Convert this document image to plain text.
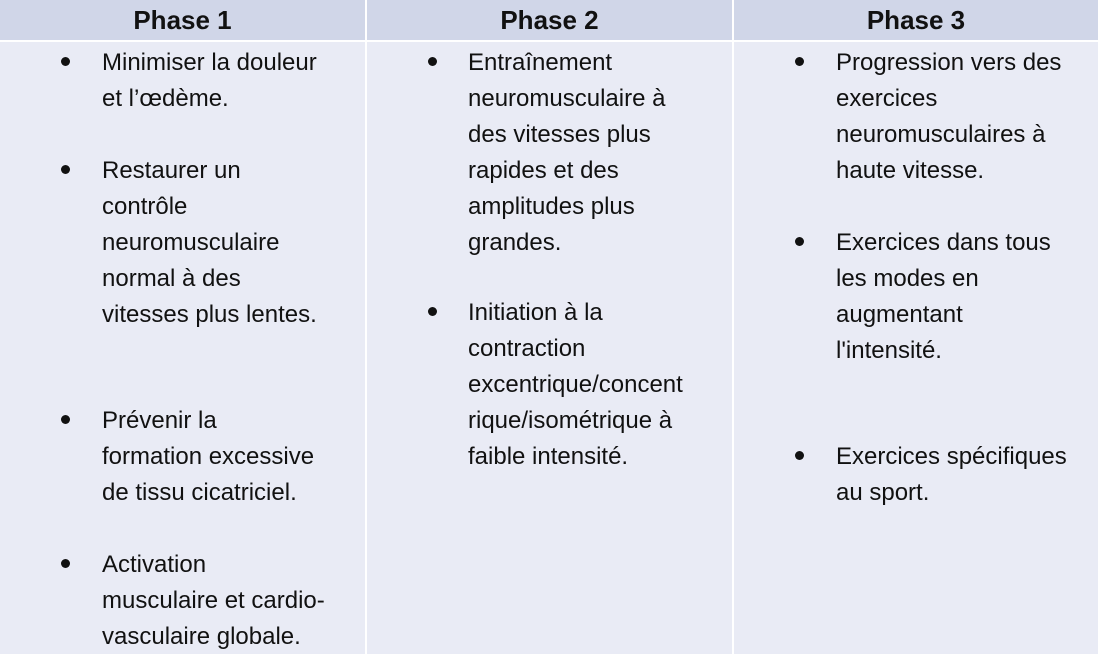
Phase 1
Minimiser la douleur
et l’œdème.
Restaurer un
contrôle
neuromusculaire
normal à des
vitesses plus lentes.
Prévenir la
formation excessive
de tissu cicatriciel.
Activation
musculaire et cardio-
vasculaire globale.
Phase 2
Entraînement
neuromusculaire à
des vitesses plus
rapides et des
amplitudes plus
grandes.
Initiation à la
contraction
excentrique/concent
rique/isométrique à
faible intensité.
Phase 3
Progression vers des
exercices
neuromusculaires à
haute vitesse.
Exercices dans tous
les modes en
augmentant
l'intensité.
Exercices spécifiques
au sport.
